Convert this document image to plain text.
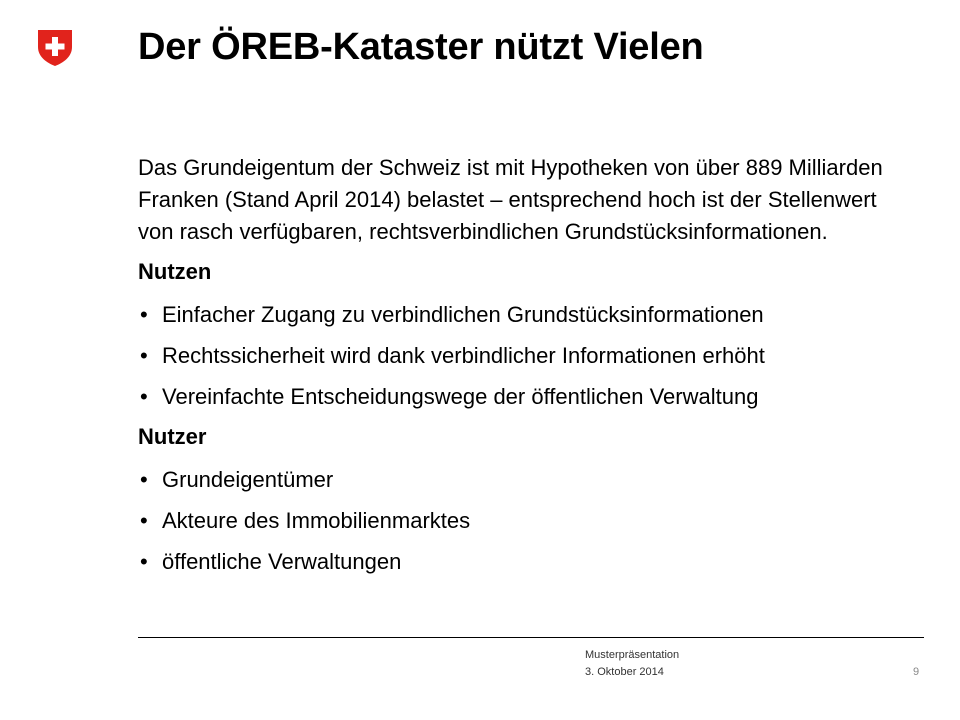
Der ÖREB-Kataster nützt Vielen

Das Grundeigentum der Schweiz ist mit Hypotheken von über 889 Milliarden Franken (Stand April 2014) belastet – entsprechend hoch ist der Stellenwert von rasch verfügbaren, rechtsverbindlichen Grundstücksinformationen.

Nutzen

• Einfacher Zugang zu verbindlichen Grundstücksinformationen
• Rechtssicherheit wird dank verbindlicher Informationen erhöht
• Vereinfachte Entscheidungswege der öffentlichen Verwaltung

Nutzer

• Grundeigentümer
• Akteure des Immobilienmarktes
• öffentliche Verwaltungen
Musterpräsentation
3. Oktober 2014	9
